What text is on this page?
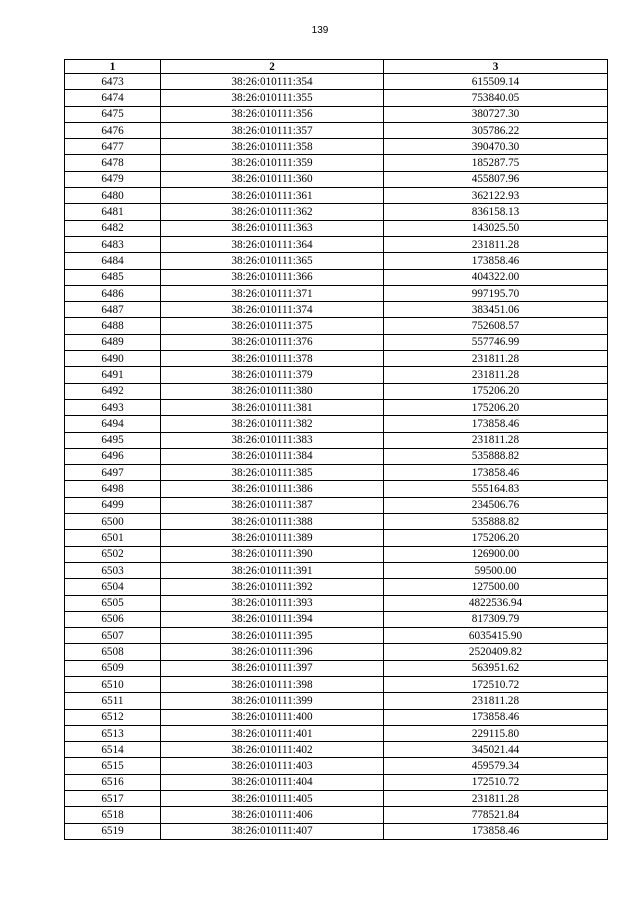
139
1	2	3
6473	38:26:010111:354	615509.14
6474	38:26:010111:355	753840.05
6475	38:26:010111:356	380727.30
6476	38:26:010111:357	305786.22
6477	38:26:010111:358	390470.30
6478	38:26:010111:359	185287.75
6479	38:26:010111:360	455807.96
6480	38:26:010111:361	362122.93
6481	38:26:010111:362	836158.13
6482	38:26:010111:363	143025.50
6483	38:26:010111:364	231811.28
6484	38:26:010111:365	173858.46
6485	38:26:010111:366	404322.00
6486	38:26:010111:371	997195.70
6487	38:26:010111:374	383451.06
6488	38:26:010111:375	752608.57
6489	38:26:010111:376	557746.99
6490	38:26:010111:378	231811.28
6491	38:26:010111:379	231811.28
6492	38:26:010111:380	175206.20
6493	38:26:010111:381	175206.20
6494	38:26:010111:382	173858.46
6495	38:26:010111:383	231811.28
6496	38:26:010111:384	535888.82
6497	38:26:010111:385	173858.46
6498	38:26:010111:386	555164.83
6499	38:26:010111:387	234506.76
6500	38:26:010111:388	535888.82
6501	38:26:010111:389	175206.20
6502	38:26:010111:390	126900.00
6503	38:26:010111:391	59500.00
6504	38:26:010111:392	127500.00
6505	38:26:010111:393	4822536.94
6506	38:26:010111:394	817309.79
6507	38:26:010111:395	6035415.90
6508	38:26:010111:396	2520409.82
6509	38:26:010111:397	563951.62
6510	38:26:010111:398	172510.72
6511	38:26:010111:399	231811.28
6512	38:26:010111:400	173858.46
6513	38:26:010111:401	229115.80
6514	38:26:010111:402	345021.44
6515	38:26:010111:403	459579.34
6516	38:26:010111:404	172510.72
6517	38:26:010111:405	231811.28
6518	38:26:010111:406	778521.84
6519	38:26:010111:407	173858.46
